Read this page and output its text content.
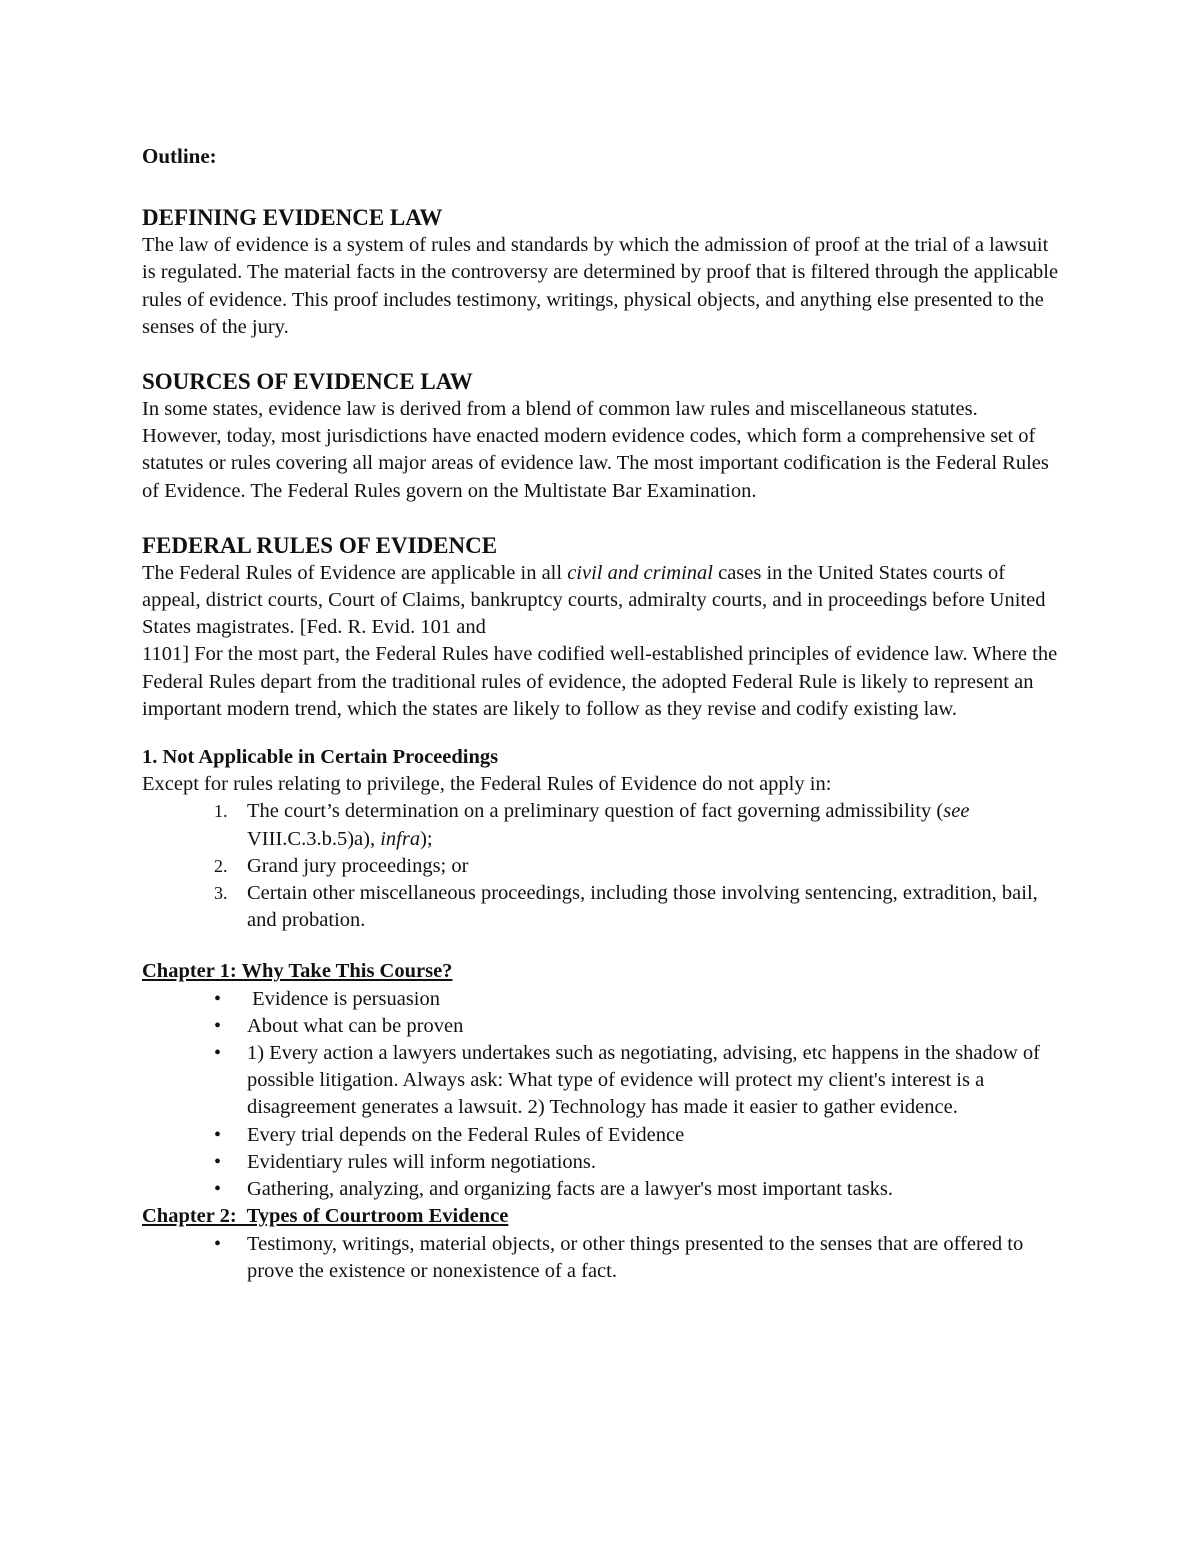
Outline:

DEFINING EVIDENCE LAW

The law of evidence is a system of rules and standards by which the admission of proof at the trial of a lawsuit is regulated. The material facts in the controversy are determined by proof that is filtered through the applicable rules of evidence. This proof includes testimony, writings, physical objects, and anything else presented to the senses of the jury.

SOURCES OF EVIDENCE LAW

In some states, evidence law is derived from a blend of common law rules and miscellaneous statutes. However, today, most jurisdictions have enacted modern evidence codes, which form a comprehensive set of statutes or rules covering all major areas of evidence law. The most important codification is the Federal Rules of Evidence. The Federal Rules govern on the Multistate Bar Examination.

FEDERAL RULES OF EVIDENCE

The Federal Rules of Evidence are applicable in all civil and criminal cases in the United States courts of appeal, district courts, Court of Claims, bankruptcy courts, admiralty courts, and in proceedings before United States magistrates. [Fed. R. Evid. 101 and

1101] For the most part, the Federal Rules have codified well-established principles of evidence law. Where the Federal Rules depart from the traditional rules of evidence, the adopted Federal Rule is likely to represent an important modern trend, which the states are likely to follow as they revise and codify existing law.

1. Not Applicable in Certain Proceedings

Except for rules relating to privilege, the Federal Rules of Evidence do not apply in:

1. The court’s determination on a preliminary question of fact governing admissibility (see VIII.C.3.b.5)a), infra);
2. Grand jury proceedings; or
3. Certain other miscellaneous proceedings, including those involving sentencing, extradition, bail, and probation.

Chapter 1: Why Take This Course?

• Evidence is persuasion
• About what can be proven
• 1) Every action a lawyers undertakes such as negotiating, advising, etc happens in the shadow of possible litigation. Always ask: What type of evidence will protect my client's interest is a disagreement generates a lawsuit. 2) Technology has made it easier to gather evidence.
• Every trial depends on the Federal Rules of Evidence
• Evidentiary rules will inform negotiations.
• Gathering, analyzing, and organizing facts are a lawyer's most important tasks.

Chapter 2:  Types of Courtroom Evidence

• Testimony, writings, material objects, or other things presented to the senses that are offered to prove the existence or nonexistence of a fact.
